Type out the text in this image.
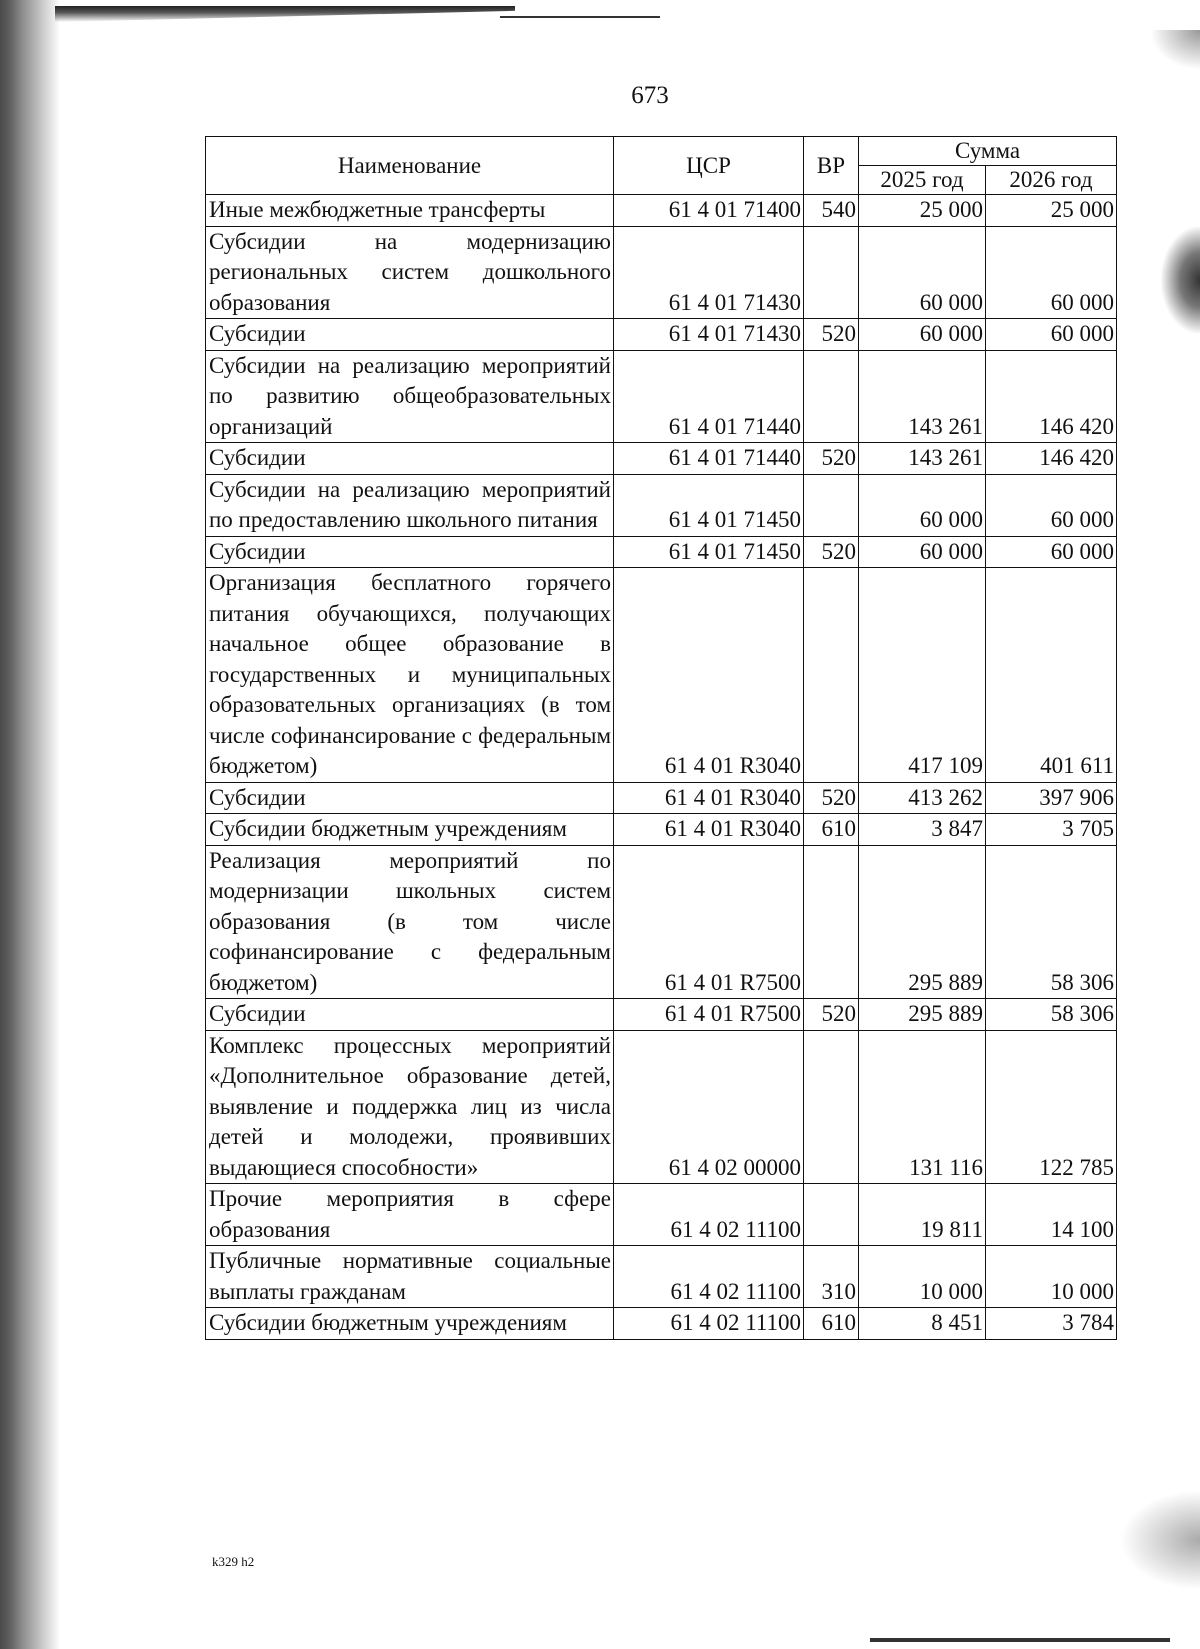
673
Наименование	ЦСР	ВР	Сумма	
			2025 год	2026 год
Иные межбюджетные трансферты	61 4 01 71400	540	25 000	25 000
Субсидии на модернизацию региональных систем дошкольного образования	61 4 01 71430		60 000	60 000
Субсидии	61 4 01 71430	520	60 000	60 000
Субсидии на реализацию мероприятий по развитию общеобразовательных организаций	61 4 01 71440		143 261	146 420
Субсидии	61 4 01 71440	520	143 261	146 420
Субсидии на реализацию мероприятий по предоставлению школьного питания	61 4 01 71450		60 000	60 000
Субсидии	61 4 01 71450	520	60 000	60 000
Организация бесплатного горячего питания обучающихся, получающих начальное общее образование в государственных и муниципальных образовательных организациях (в том числе софинансирование с федеральным бюджетом)	61 4 01 R3040		417 109	401 611
Субсидии	61 4 01 R3040	520	413 262	397 906
Субсидии бюджетным учреждениям	61 4 01 R3040	610	3 847	3 705
Реализация мероприятий по модернизации школьных систем образования (в том числе софинансирование с федеральным бюджетом)	61 4 01 R7500		295 889	58 306
Субсидии	61 4 01 R7500	520	295 889	58 306
Комплекс процессных мероприятий «Дополнительное образование детей, выявление и поддержка лиц из числа детей и молодежи, проявивших выдающиеся способности»	61 4 02 00000		131 116	122 785
Прочие мероприятия в сфере образования	61 4 02 11100		19 811	14 100
Публичные нормативные социальные выплаты гражданам	61 4 02 11100	310	10 000	10 000
Субсидии бюджетным учреждениям	61 4 02 11100	610	8 451	3 784
k329 h2
